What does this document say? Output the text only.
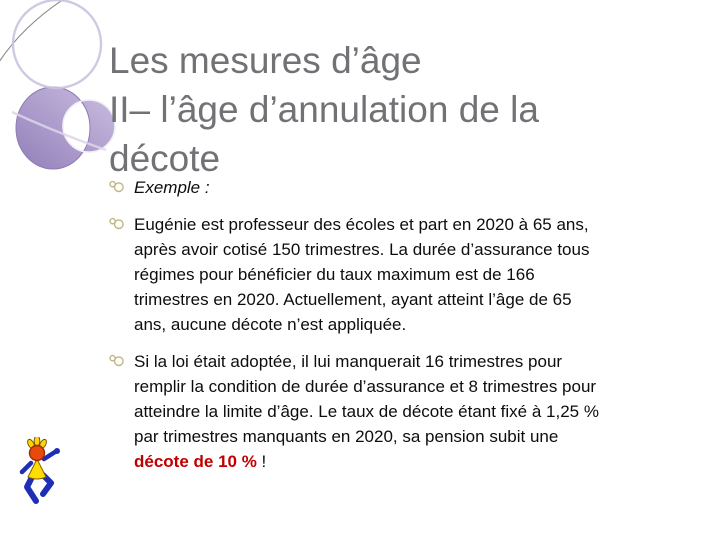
Les mesures d’âge
II– l’âge d’annulation de la
décote
Exemple :
Eugénie est professeur des écoles et part en 2020 à 65 ans,
après avoir cotisé 150 trimestres. La durée d’assurance tous
régimes pour bénéficier du taux maximum est de 166
trimestres en 2020. Actuellement, ayant atteint l’âge de 65
ans, aucune décote n’est appliquée.
Si la loi était adoptée, il lui manquerait 16 trimestres pour
remplir la condition de durée d’assurance et 8 trimestres pour
atteindre la limite d’âge. Le taux de décote étant fixé à 1,25 %
par trimestres manquants en 2020, sa pension subit une
décote de 10 % !
